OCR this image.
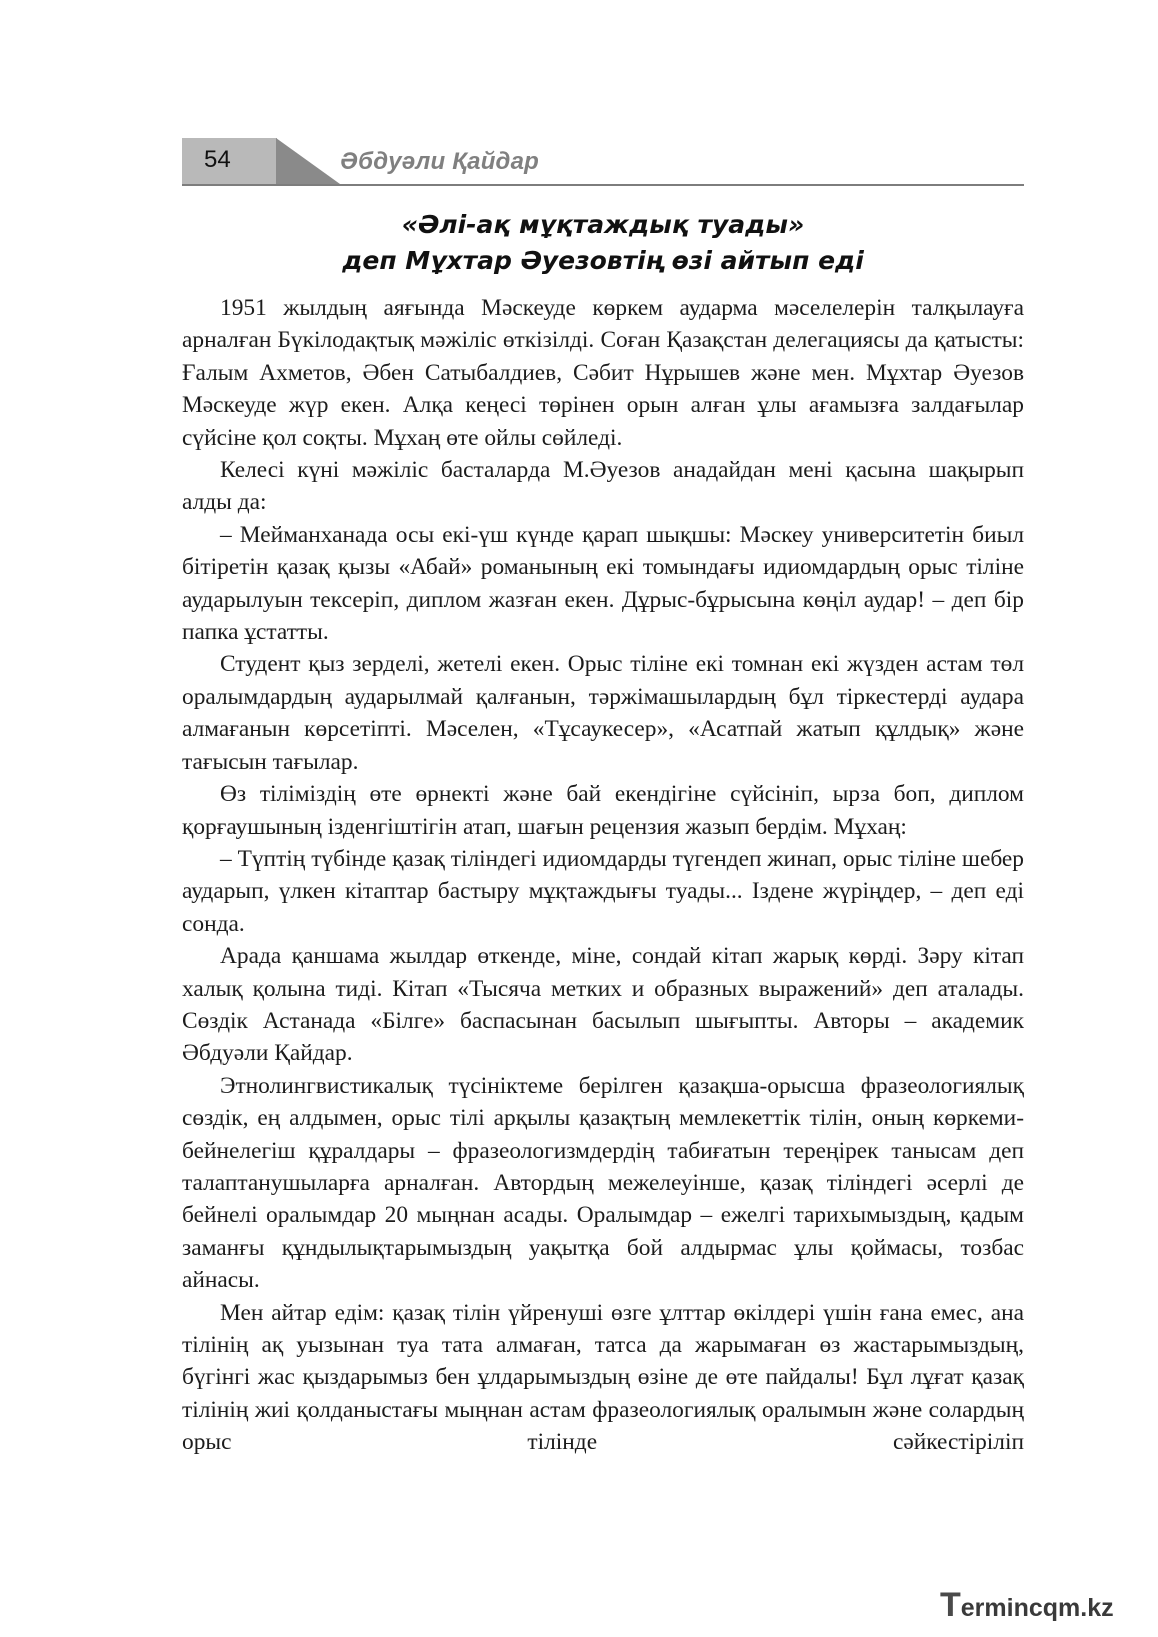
54	Әбдуәли Қайдар
«Әлі-ақ мұқтаждық туады»
деп Мұхтар Әуезовтің өзі айтып еді

1951 жылдың аяғында Мәскеуде көркем аударма мәселелерін талқылауға арналған Бүкілодақтық мәжіліс өткізілді. Соған Қазақстан делегациясы да қатысты: Ғалым Ахметов, Әбен Сатыбалдиев, Сәбит Нұрышев және мен. Мұхтар Әуезов Мәскеуде жүр екен. Алқа кеңесі төрінен орын алған ұлы ағамызға залдағылар сүйсіне қол соқты. Мұхаң өте ойлы сөйледі.

Келесі күні мәжіліс басталарда М.Әуезов анадайдан мені қасына шақырып алды да:

– Мейманханада осы екі-үш күнде қарап шықшы: Мәскеу университетін биыл бітіретін қазақ қызы «Абай» романының екі томындағы идиомдардың орыс тіліне аударылуын тексеріп, диплом жазған екен. Дұрыс-бұрысына көңіл аудар! – деп бір папка ұстатты.

Студент қыз зерделі, жетелі екен. Орыс тіліне екі томнан екі жүзден астам төл оралымдардың аударылмай қалғанын, тәржімашылардың бұл тіркестерді аудара алмағанын көрсетіпті. Мәселен, «Тұсаукесер», «Асатпай жатып құлдық» және тағысын тағылар.

Өз тіліміздің өте өрнекті және бай екендігіне сүйсініп, ырза боп, диплом қорғаушының ізденгіштігін атап, шағын рецензия жазып бердім. Мұхаң:

– Түптің түбінде қазақ тіліндегі идиомдарды түгендеп жинап, орыс тіліне шебер аударып, үлкен кітаптар бастыру мұқтаждығы туады... Іздене жүріңдер, – деп еді сонда.

Арада қаншама жылдар өткенде, міне, сондай кітап жарық көрді. Зәру кітап халық қолына тиді. Кітап «Тысяча метких и образных выражений» деп аталады. Сөздік Астанада «Білге» баспасынан басылып шығыпты. Авторы – академик Әбдуәли Қайдар.

Этнолингвистикалық түсініктеме берілген қазақша-орысша фразеологиялық сөздік, ең алдымен, орыс тілі арқылы қазақтың мемлекеттік тілін, оның көркеми-бейнелегіш құралдары – фразеологизмдердің табиғатын тереңірек танысам деп талаптанушыларға арналған. Автордың межелеуінше, қазақ тіліндегі әсерлі де бейнелі оралымдар 20 мыңнан асады. Оралымдар – ежелгі тарихымыздың, қадым заманғы құндылықтарымыздың уақытқа бой алдырмас ұлы қоймасы, тозбас айнасы.

Мен айтар едім: қазақ тілін үйренуші өзге ұлттар өкілдері үшін ғана емес, ана тілінің ақ уызынан туа тата алмаған, татса да жарымаған өз жастарымыздың, бүгінгі жас қыздарымыз бен ұлдарымыздың өзіне де өте пайдалы! Бұл лұғат қазақ тілінің жиі қолданыстағы мыңнан астам фразеологиялық оралымын және солардың орыс тілінде сәйкестіріліп

Termincqm.kz
